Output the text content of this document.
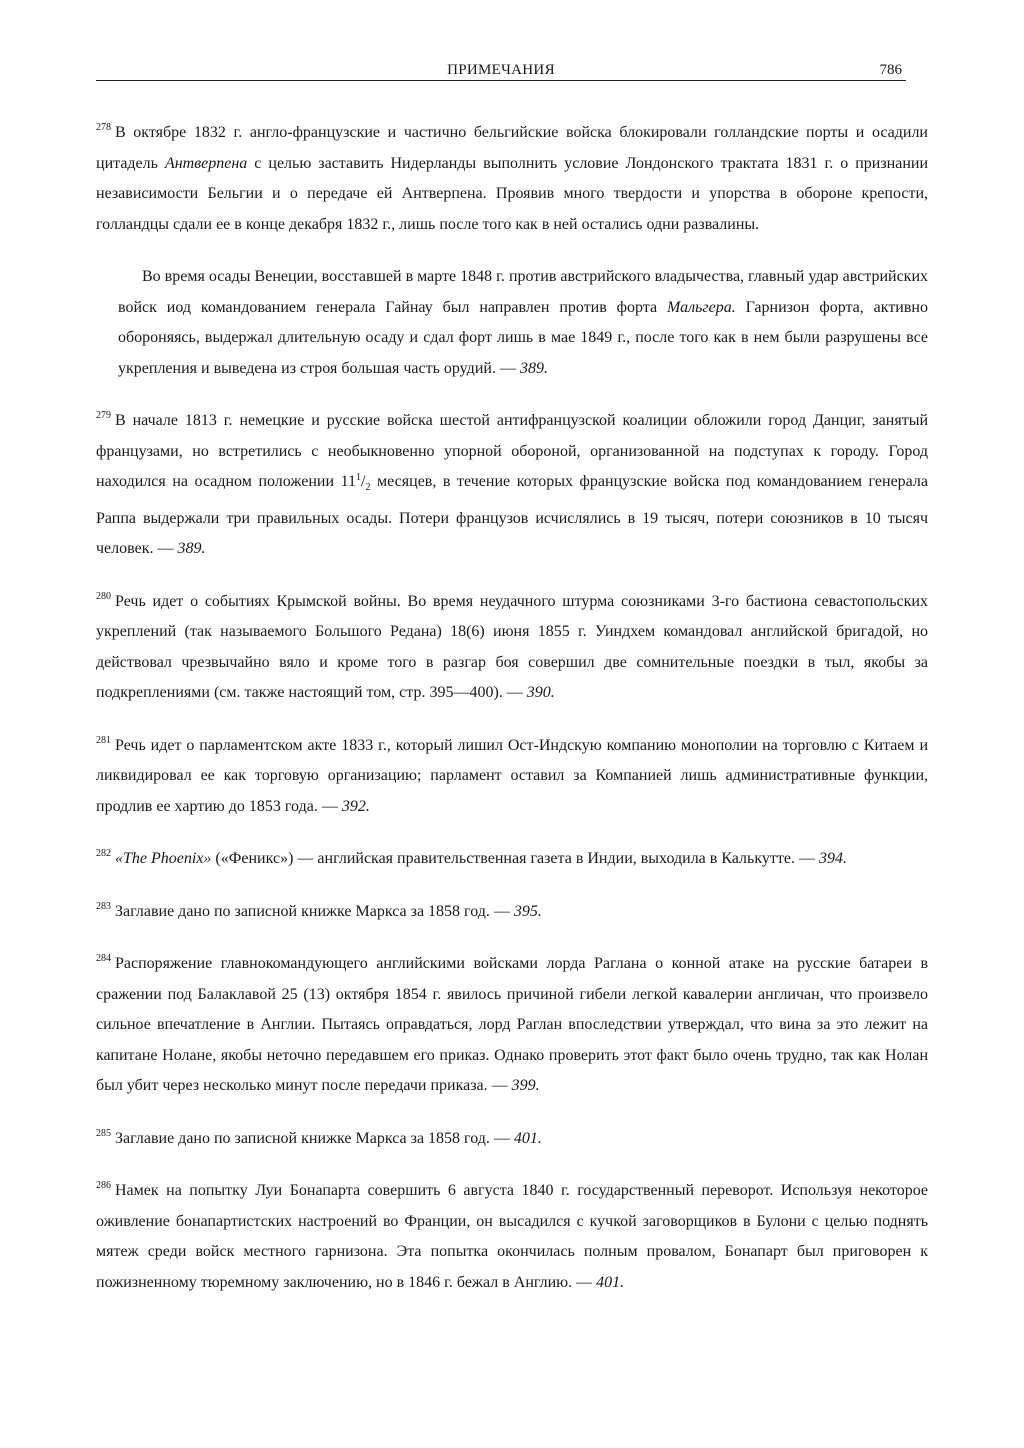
ПРИМЕЧАНИЯ	786
$^{278}$ В октябре 1832 г. англо-французские и частично бельгийские войска блокировали голландские порты и осадили цитадель Антверпена с целью заставить Нидерланды выполнить условие Лондонского трактата 1831 г. о признании независимости Бельгии и о передаче ей Антверпена. Проявив много твердости и упорства в обороне крепости, голландцы сдали ее в конце декабря 1832 г., лишь после того как в ней остались одни развалины.
Во время осады Венеции, восставшей в марте 1848 г. против австрийского владычества, главный удар австрийских войск иод командованием генерала Гайнау был направлен против форта Мальгера. Гарнизон форта, активно обороняясь, выдержал длительную осаду и сдал форт лишь в мае 1849 г., после того как в нем были разрушены все укрепления и выведена из строя большая часть орудий. — 389.
$^{279}$ В начале 1813 г. немецкие и русские войска шестой антифранцузской коалиции обложили город Данциг, занятый французами, но встретились с необыкновенно упорной обороной, организованной на подступах к городу. Город находился на осадном положении $11^1/_2$ месяцев, в течение которых французские войска под командованием генерала Раппа выдержали три правильных осады. Потери французов исчислялись в 19 тысяч, потери союзников в 10 тысяч человек. — 389.
$^{280}$ Речь идет о событиях Крымской войны. Во время неудачного штурма союзниками 3-го бастиона севастопольских укреплений (так называемого Большого Редана) 18(6) июня 1855 г. Уиндхем командовал английской бригадой, но действовал чрезвычайно вяло и кроме того в разгар боя совершил две сомнительные поездки в тыл, якобы за подкреплениями (см. также настоящий том, стр. 395—400). — 390.
$^{281}$ Речь идет о парламентском акте 1833 г., который лишил Ост-Индскую компанию монополии на торговлю с Китаем и ликвидировал ее как торговую организацию; парламент оставил за Компанией лишь административные функции, продлив ее хартию до 1853 года. — 392.
$^{282}$ «The Phoenix» («Феникс») — английская правительственная газета в Индии, выходила в Калькутте. — 394.
$^{283}$ Заглавие дано по записной книжке Маркса за 1858 год. — 395.
$^{284}$ Распоряжение главнокомандующего английскими войсками лорда Раглана о конной атаке на русские батареи в сражении под Балаклавой 25 (13) октября 1854 г. явилось причиной гибели легкой кавалерии англичан, что произвело сильное впечатление в Англии. Пытаясь оправдаться, лорд Раглан впоследствии утверждал, что вина за это лежит на капитане Нолане, якобы неточно передавшем его приказ. Однако проверить этот факт было очень трудно, так как Нолан был убит через несколько минут после передачи приказа. — 399.
$^{285}$ Заглавие дано по записной книжке Маркса за 1858 год. — 401.
$^{286}$ Намек на попытку Луи Бонапарта совершить 6 августа 1840 г. государственный переворот. Используя некоторое оживление бонапартистских настроений во Франции, он высадился с кучкой заговорщиков в Булони с целью поднять мятеж среди войск местного гарнизона. Эта попытка окончилась полным провалом, Бонапарт был приговорен к пожизненному тюремному заключению, но в 1846 г. бежал в Англию. — 401.
